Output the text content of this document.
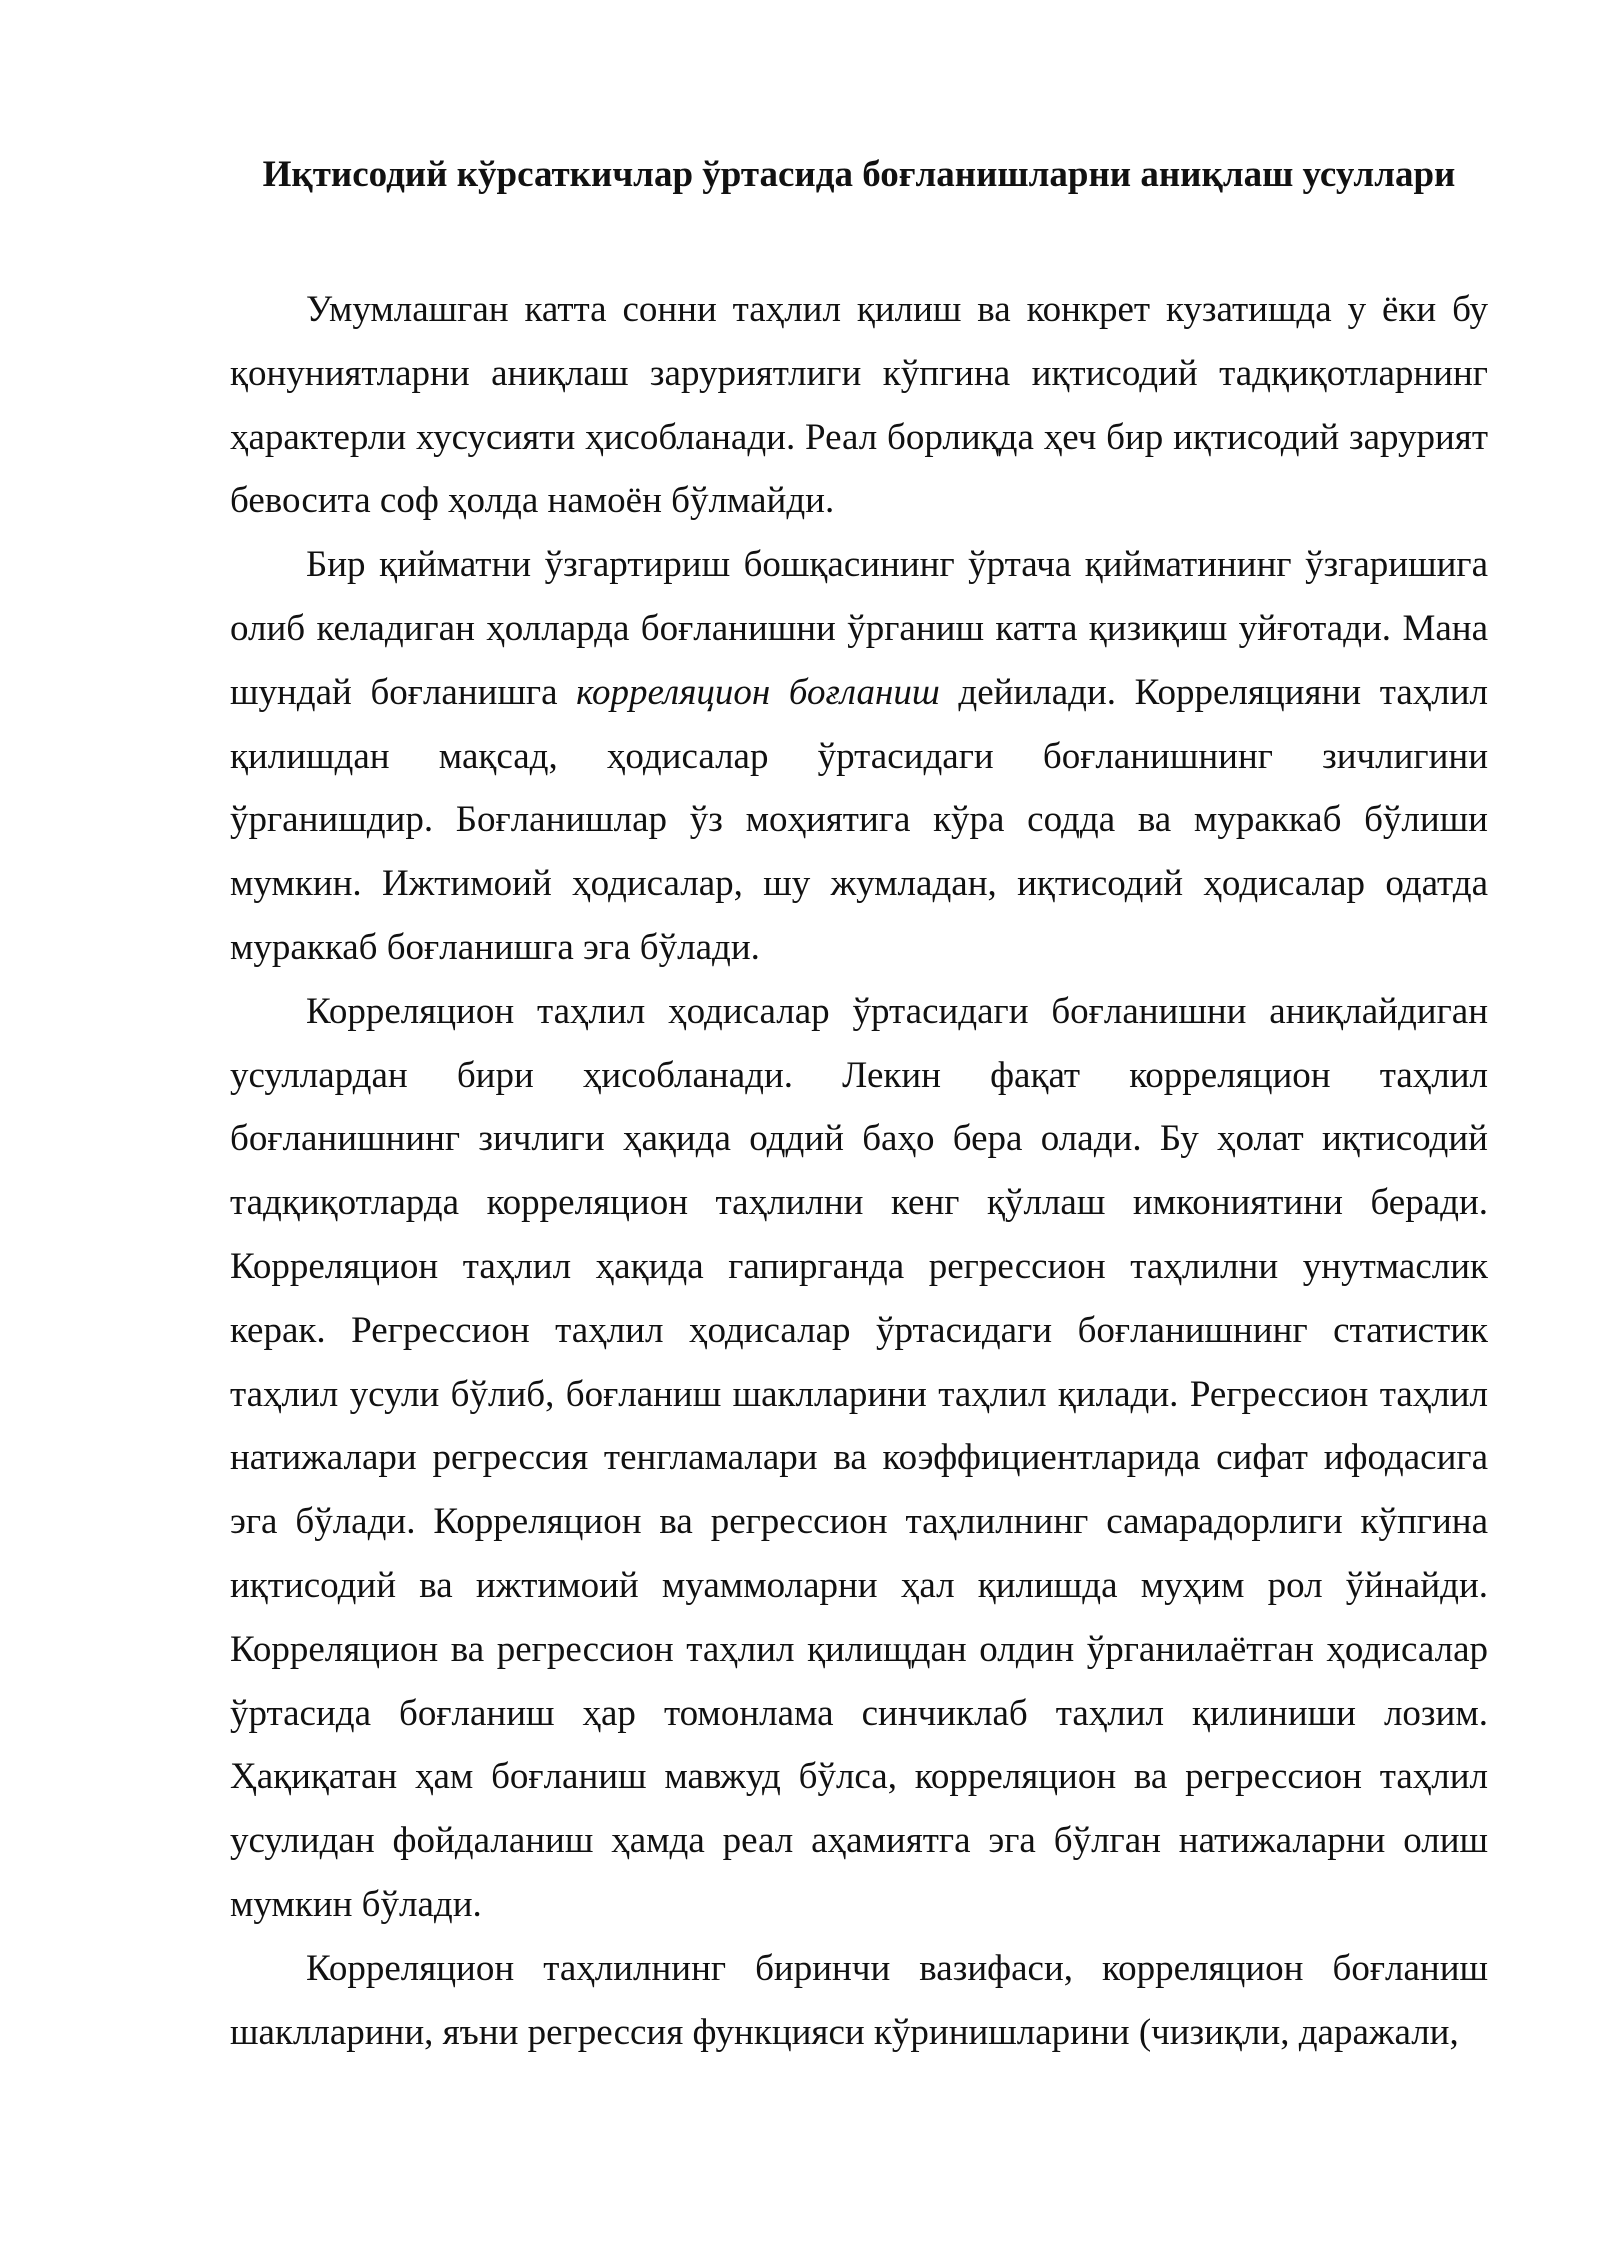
Иқтисодий кўрсаткичлар ўртасида боғланишларни аниқлаш усуллари

Умумлашган катта сонни таҳлил қилиш ва конкрет кузатишда у ёки бу қонуниятларни аниқлаш заруриятлиги кўпгина иқтисодий тадқиқотларнинг ҳарактерли хусусияти ҳисобланади. Реал борлиқда ҳеч бир иқтисодий зарурият бевосита соф ҳолда намоён бўлмайди.

Бир қийматни ўзгартириш бошқасининг ўртача қийматининг ўзгаришига олиб келадиган ҳолларда боғланишни ўрганиш катта қизиқиш уйғотади. Мана шундай боғланишга корреляцион боғланиш дейилади. Корреляцияни таҳлил қилишдан мақсад, ҳодисалар ўртасидаги боғланишнинг зичлигини ўрганишдир. Боғланишлар ўз моҳиятига кўра содда ва мураккаб бўлиши мумкин. Ижтимоий ҳодисалар, шу жумладан, иқтисодий ҳодисалар одатда мураккаб боғланишга эга бўлади.

Корреляцион таҳлил ҳодисалар ўртасидаги боғланишни аниқлайдиган усуллардан бири ҳисобланади. Лекин фақат корреляцион таҳлил боғланишнинг зичлиги ҳақида оддий баҳо бера олади. Бу ҳолат иқтисодий тадқиқотларда корреляцион таҳлилни кенг қўллаш имкониятини беради. Корреляцион таҳлил ҳақида гапирганда регрессион таҳлилни унутмаслик керак. Регрессион таҳлил ҳодисалар ўртасидаги боғланишнинг статистик таҳлил усули бўлиб, боғланиш шаклларини таҳлил қилади. Регрессион таҳлил натижалари регрессия тенгламалари ва коэффициентларида сифат ифодасига эга бўлади. Корреляцион ва регрессион таҳлилнинг самарадорлиги кўпгина иқтисодий ва ижтимоий муаммоларни ҳал қилишда муҳим рол ўйнайди. Корреляцион ва регрессион таҳлил қилищдан олдин ўрганилаётган ҳодисалар ўртасида боғланиш ҳар томонлама синчиклаб таҳлил қилиниши лозим. Ҳақиқатан ҳам боғланиш мавжуд бўлса, корреляцион ва регрессион таҳлил усулидан фойдаланиш ҳамда реал аҳамиятга эга бўлган натижаларни олиш мумкин бўлади.

Корреляцион таҳлилнинг биринчи вазифаси, корреляцион боғланиш шаклларини, яъни регрессия функцияси кўринишларини (чизиқли, даражали,
